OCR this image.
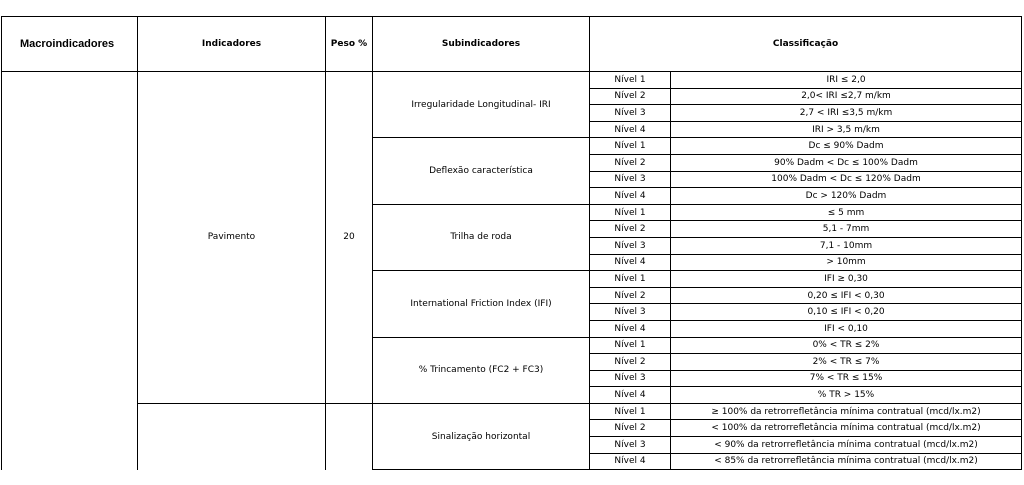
Macroindicadores	Indicadores	Peso %	Subindicadores	Classificação	
	Pavimento	20	Irregularidade Longitudinal- IRI	Nível 1	IRI ≤ 2,0
				Nível 2	2,0< IRI ≤2,7 m/km
				Nível 3	2,7 < IRI ≤3,5 m/km
				Nível 4	IRI > 3,5 m/km
			Deflexão característica	Nível 1	Dc ≤ 90% Dadm
				Nível 2	90% Dadm < Dc ≤ 100% Dadm
				Nível 3	100% Dadm < Dc ≤ 120% Dadm
				Nível 4	Dc > 120% Dadm
			Trilha de roda	Nível 1	≤ 5 mm
				Nível 2	5,1 - 7mm
				Nível 3	7,1 - 10mm
				Nível 4	> 10mm
			International Friction Index (IFI)	Nível 1	IFI ≥ 0,30
				Nível 2	0,20 ≤ IFI < 0,30
				Nível 3	0,10 ≤ IFI < 0,20
				Nível 4	IFI < 0,10
			% Trincamento (FC2 + FC3)	Nível 1	0% < TR ≤ 2%
				Nível 2	2% < TR ≤ 7%
				Nível 3	7% < TR ≤ 15%
				Nível 4	% TR > 15%
			Sinalização horizontal	Nível 1	≥ 100% da retrorrefletância mínima contratual (mcd/lx.m2)
				Nível 2	< 100% da retrorrefletância mínima contratual (mcd/lx.m2)
				Nível 3	< 90% da retrorrefletância mínima contratual (mcd/lx.m2)
				Nível 4	< 85% da retrorrefletância mínima contratual (mcd/lx.m2)
